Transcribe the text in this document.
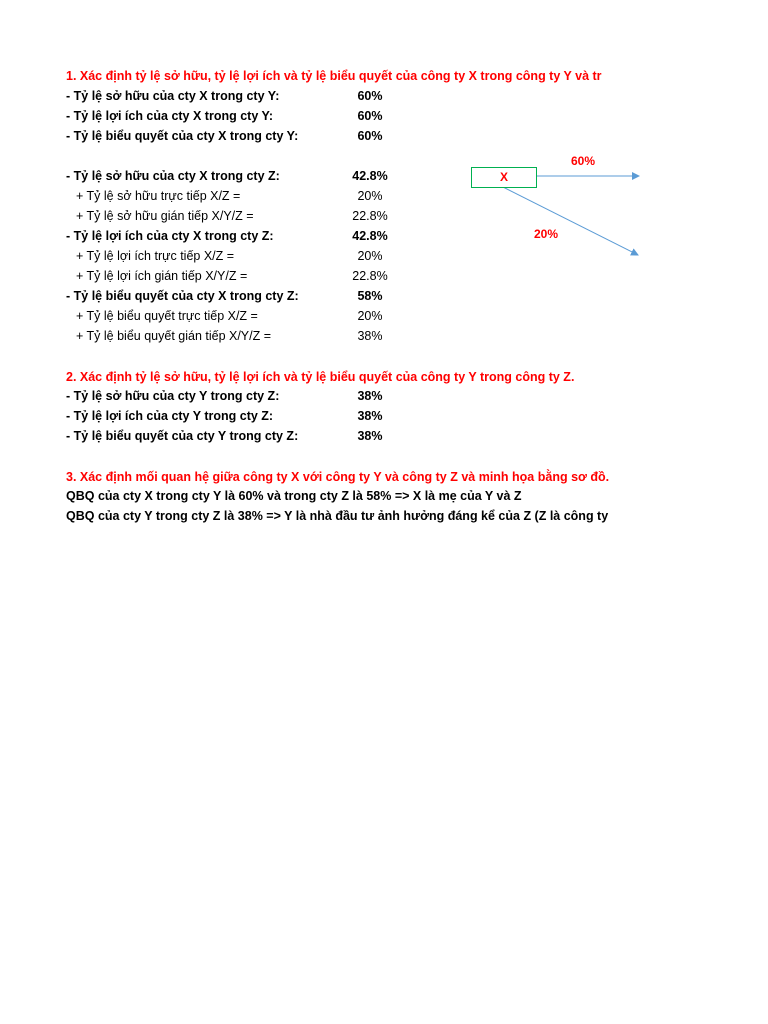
1. Xác định tỷ lệ sở hữu, tỷ lệ lợi ích và tỷ lệ biểu quyết của công ty X trong công ty Y và tr
- Tỷ lệ sở hữu của cty X trong cty Y:	60%
- Tỷ lệ lợi ích của cty X trong cty Y:	60%
- Tỷ lệ biểu quyết của cty X trong cty Y:	60%
- Tỷ lệ sở hữu của cty X trong cty Z:	42.8%
+ Tỷ lệ sở hữu trực tiếp X/Z =	20%
+ Tỷ lệ sở hữu gián tiếp X/Y/Z =	22.8%
- Tỷ lệ lợi ích của cty X trong cty Z:	42.8%
+ Tỷ lệ lợi ích trực tiếp X/Z =	20%
+ Tỷ lệ lợi ích gián tiếp X/Y/Z =	22.8%
- Tỷ lệ biểu quyết của cty X trong cty Z:	58%
+ Tỷ lệ biểu quyết trực tiếp X/Z =	20%
+ Tỷ lệ biểu quyết gián tiếp X/Y/Z =	38%
2. Xác định tỷ lệ sở hữu, tỷ lệ lợi ích và tỷ lệ biểu quyết của công ty Y trong công ty Z.
- Tỷ lệ sở hữu của cty Y trong cty Z:	38%
- Tỷ lệ lợi ích của cty Y trong cty Z:	38%
- Tỷ lệ biểu quyết của cty Y trong cty Z:	38%
3. Xác định mối quan hệ giữa công ty X với công ty Y và công ty Z và minh họa bằng sơ đồ.
QBQ của cty X trong cty Y là 60% và trong cty Z là 58% => X là mẹ của Y và Z
QBQ của cty Y trong cty Z là 38% => Y là nhà đầu tư ảnh hưởng đáng kể của Z (Z là công ty
X
60%
20%
